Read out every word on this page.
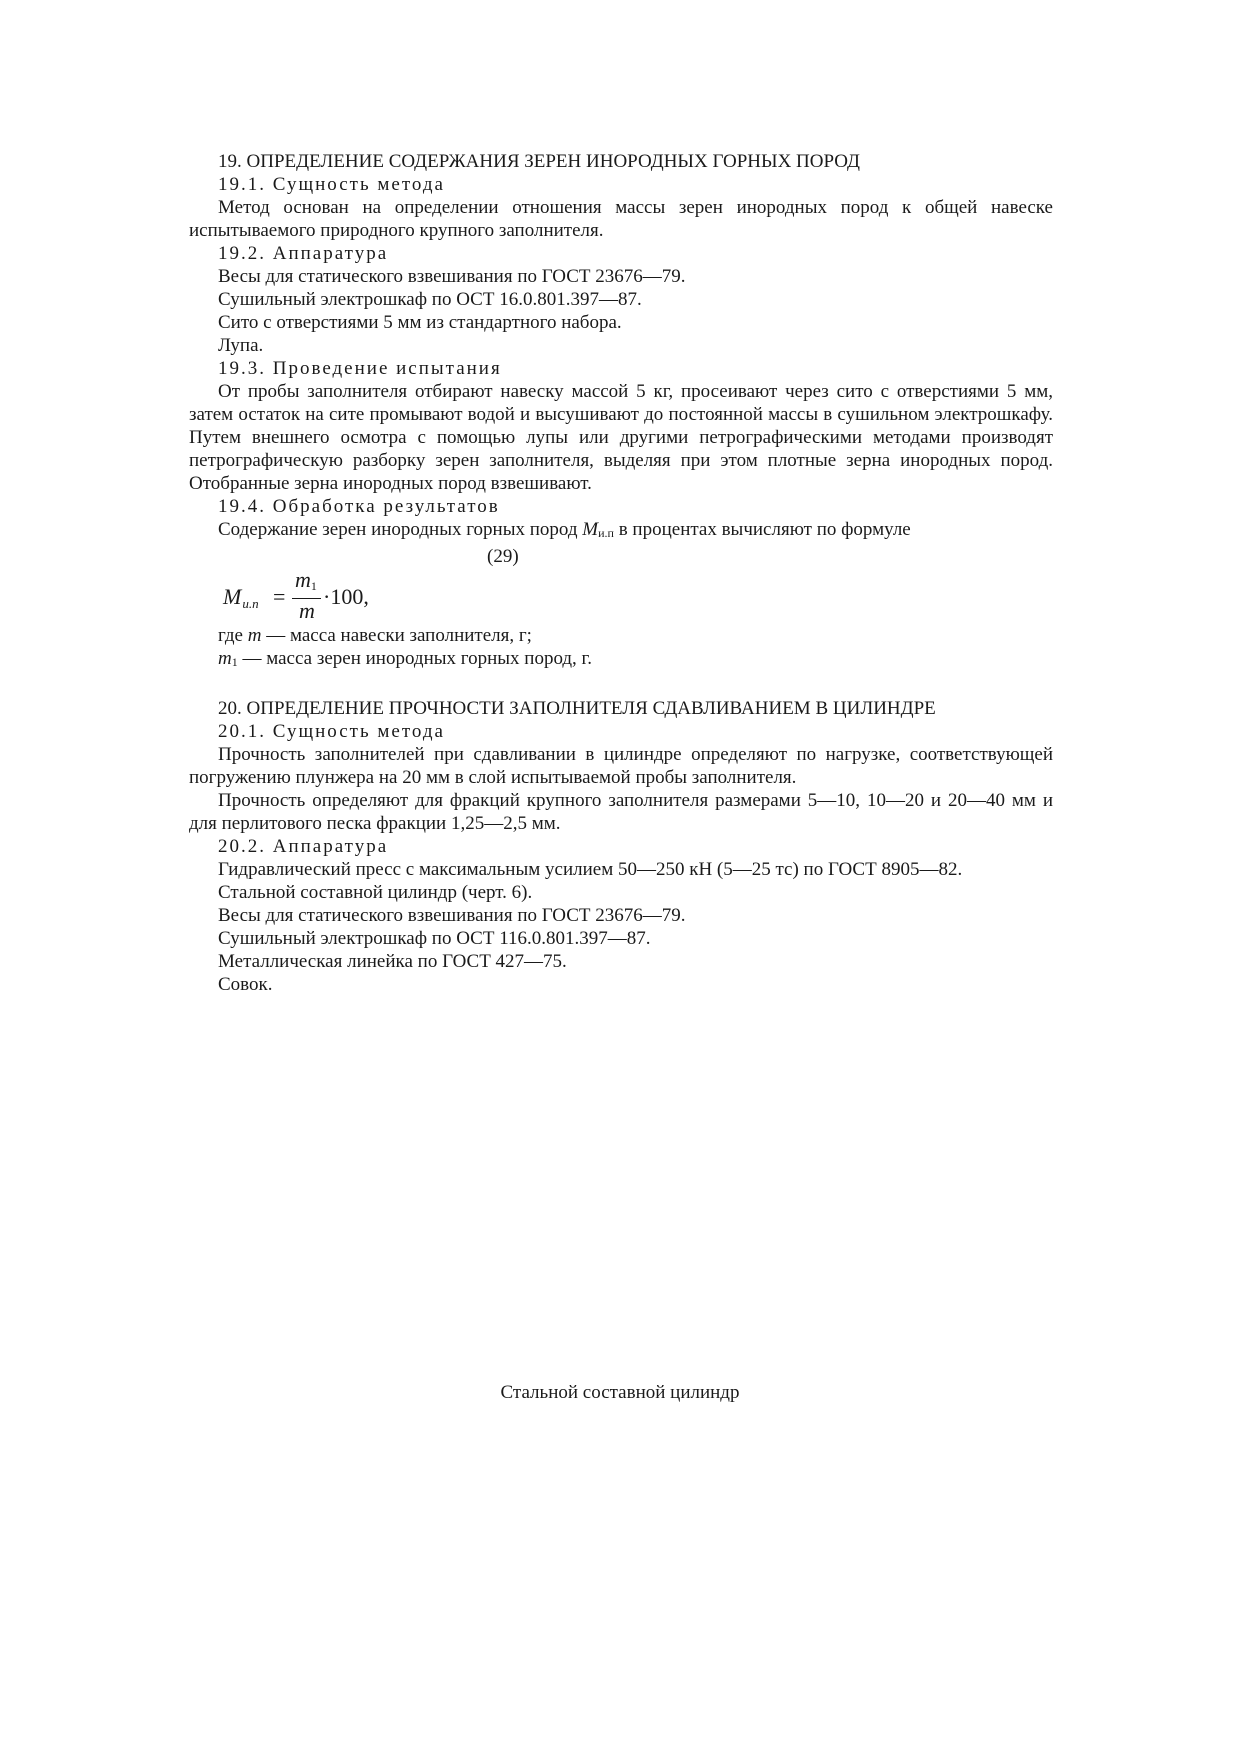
19. ОПРЕДЕЛЕНИЕ СОДЕРЖАНИЯ ЗЕРЕН ИНОРОДНЫХ ГОРНЫХ ПОРОД

19.1. Сущность метода

Метод основан на определении отношения массы зерен инородных пород к общей навеске испытываемого природного крупного заполнителя.

19.2. Аппаратура

Весы для статического взвешивания по ГОСТ 23676—79.

Сушильный электрошкаф по ОСТ 16.0.801.397—87.

Сито с отверстиями 5 мм из стандартного набора.

Лупа.

19.3. Проведение испытания

От пробы заполнителя отбирают навеску массой 5 кг, просеивают через сито с отверстиями 5 мм, затем остаток на сите промывают водой и высушивают до постоянной массы в сушильном электрошкафу. Путем внешнего осмотра с помощью лупы или другими петрографическими методами производят петрографическую разборку зерен заполнителя, выделяя при этом плотные зерна инородных пород. Отобранные зерна инородных пород взвешивают.

19.4. Обработка результатов

Содержание зерен инородных горных пород Mи.п в процентах вычисляют по формуле

(29)

Mи.п =
$m_1$
m
·100,

где m — масса навески заполнителя, г;

m1 — масса зерен инородных горных пород, г.

20. ОПРЕДЕЛЕНИЕ ПРОЧНОСТИ ЗАПОЛНИТЕЛЯ СДАВЛИВАНИЕМ В ЦИЛИНДРЕ

20.1. Сущность метода

Прочность заполнителей при сдавливании в цилиндре определяют по нагрузке, соответствующей погружению плунжера на 20 мм в слой испытываемой пробы заполнителя.

Прочность определяют для фракций крупного заполнителя размерами 5—10, 10—20 и 20—40 мм и для перлитового песка фракции 1,25—2,5 мм.

20.2. Аппаратура

Гидравлический пресс с максимальным усилием 50—250 кН (5—25 тс) по ГОСТ 8905—82.

Стальной составной цилиндр (черт. 6).

Весы для статического взвешивания по ГОСТ 23676—79.

Сушильный электрошкаф по ОСТ 116.0.801.397—87.

Металлическая линейка по ГОСТ 427—75.

Совок.

Стальной составной цилиндр
